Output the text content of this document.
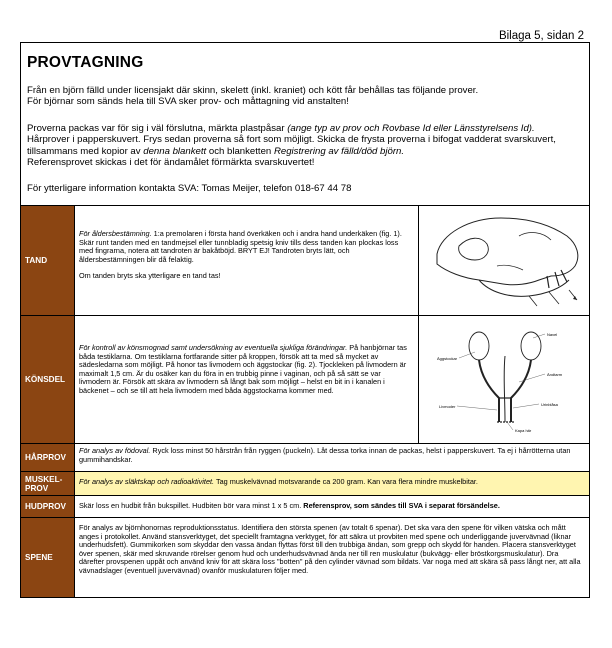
Bilaga 5, sidan 2
PROVTAGNING

Från en björn fälld under licensjakt där skinn, skelett (inkl. kraniet) och kött får behållas tas följande prover.
För björnar som sänds hela till SVA sker prov- och måttagning vid anstalten!

Proverna packas var för sig i väl förslutna, märkta plastpåsar (ange typ av prov och Rovbase Id eller Länsstyrelsens Id). Hårprover i papperskuvert. Frys sedan proverna så fort som möjligt. Skicka de frysta proverna i bifogat vadderat svarskuvert, tillsammans med kopior av denna blankett och blanketten Registrering av fälld/död björn.
Referensprovet skickas i det för ändamålet förmärkta svarskuvertet!

För ytterligare information kontakta SVA: Tomas Meijer, telefon 018-67 44 78

TAND

För åldersbestämning. 1:a premolaren i första hand överkäken och i andra hand underkäken (fig. 1). Skär runt tanden med en tandmejsel eller tunnbladig spetsig kniv tills dess tanden kan plockas loss med fingrarna, notera att tandroten är bakåtböjd. BRYT EJ! Tandroten bryts lätt, och åldersbestämningen blir då felaktig.

Om tanden bryts ska ytterligare en tand tas!

KÖNSDEL

För kontroll av könsmognad samt undersökning av eventuella sjukliga förändringar. På hanbjörnar tas båda testiklarna. Om testiklarna fortfarande sitter på kroppen, försök att ta med så mycket av sädesledarna som möjligt. På honor tas livmodern och äggstockar (fig. 2). Tjockleken på livmodern är maximalt 1,5 cm. Är du osäker kan du föra in en trubbig pinne i vaginan, och på så sätt se var livmodern är. Försök att skära av livmodern så långt bak som möjligt – helst en bit in i kanalen i bäckenet – och se till att hela livmodern med båda äggstockarna kommer med.

Äggstockar
Navel
Ändtarm
Livmoder	Urinblåsa
Kapa här
HÅRPROV

För analys av födoval. Ryck loss minst 50 hårstrån från ryggen (puckeln). Låt dessa torka innan de packas, helst i papperskuvert. Ta ej i hårrötterna utan gummihandskar.

MUSKEL-
PROV

För analys av släktskap och radioaktivitet. Tag muskelvävnad motsvarande ca 200 gram. Kan vara flera mindre muskelbitar.

HUDPROV	Skär loss en hudbit från bukspillet. Hudbiten bör vara minst 1 x 5 cm. Referensprov, som sändes till SVA i separat försändelse.

SPENE

För analys av björnhonornas reproduktionsstatus. Identifiera den största spenen (av totalt 6 spenar). Det ska vara den spene för vilken vätska och mått anges i protokollet. Använd stansverktyget, det speciellt framtagna verktyget, för att säkra ut provbiten med spene och underliggande juvervävnad (liknar underhudsfett). Gummikorken som skyddar den vassa ändan flyttas först till den trubbiga ändan, som grepp och skydd för handen. Placera stansverktyget över spenen, skär med skruvande rörelser genom hud och underhudsvävnad ända ner till ren muskulatur (bukvägg- eller bröstkorgsmuskulatur). Dra därefter provspenen uppåt och använd kniv för att skära loss "botten" på den cylinder vävnad som bildats. Var noga med att skära så pass långt ner, att alla vävnadslager (eventuell juvervävnad) ovanför muskulaturen följer med.
